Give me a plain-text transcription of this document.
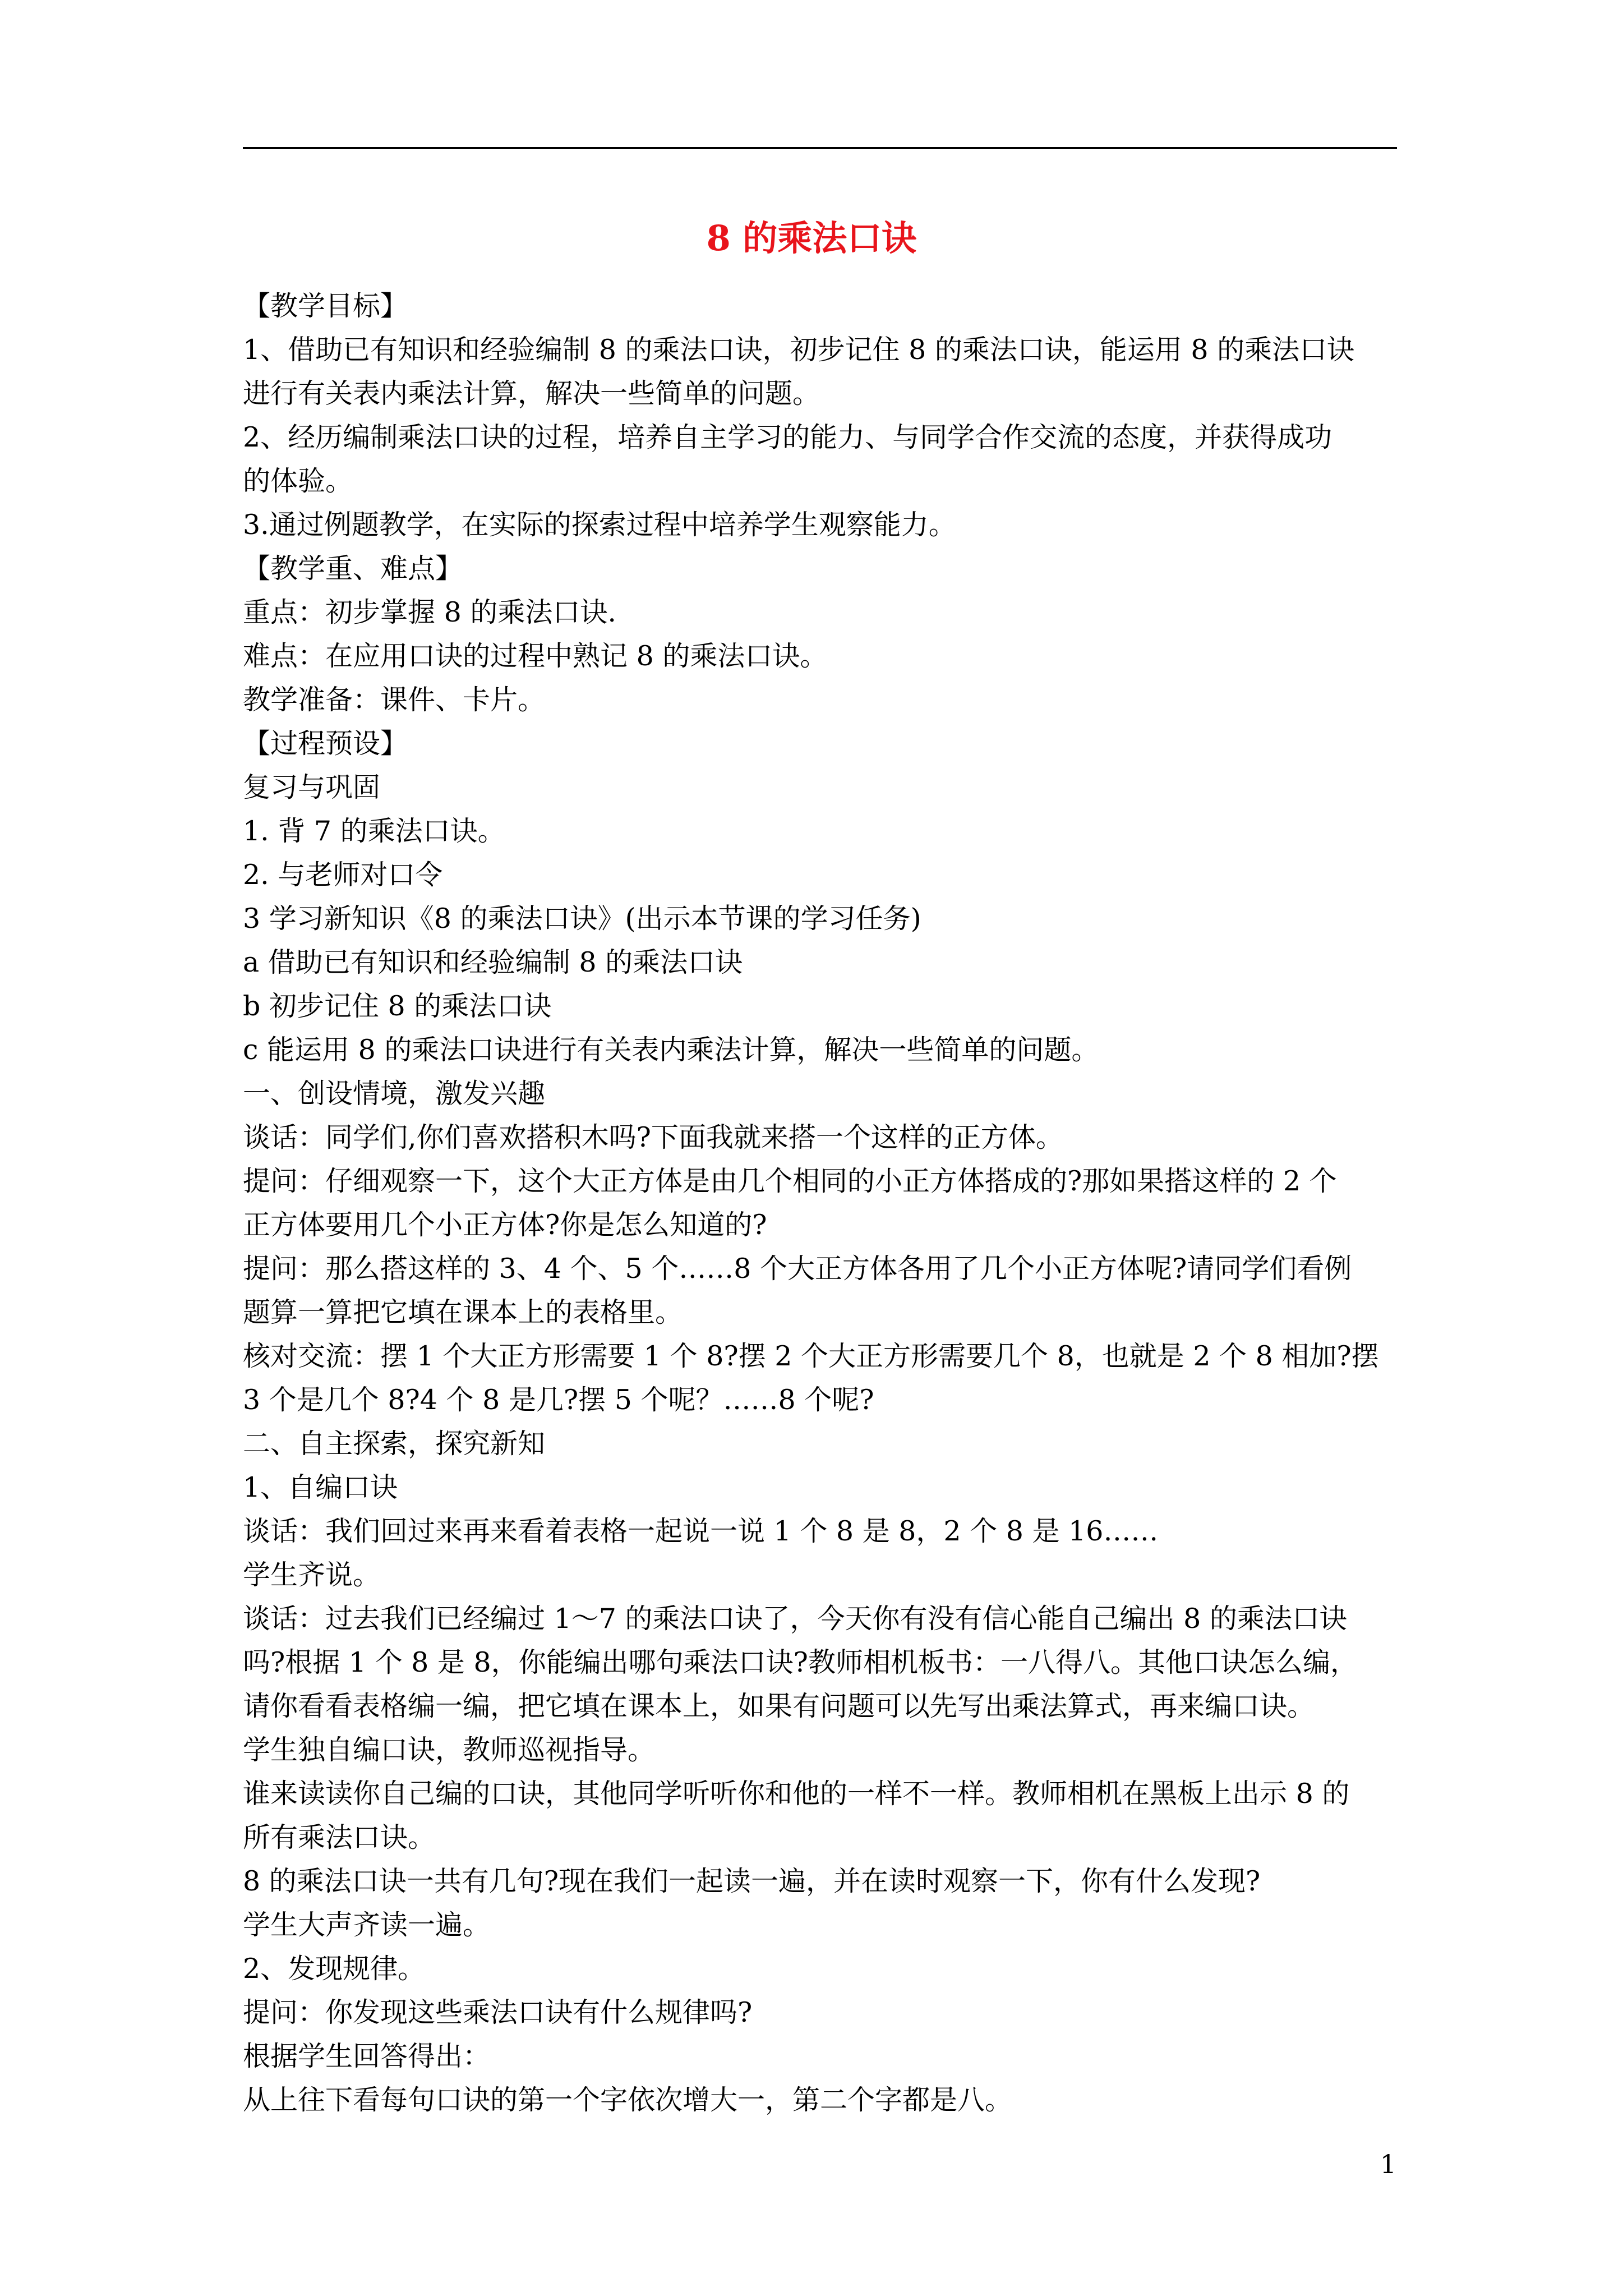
8 的乘法口诀

【教学目标】

1、借助已有知识和经验编制 8 的乘法口诀，初步记住 8 的乘法口诀，能运用 8 的乘法口诀

进行有关表内乘法计算，解决一些简单的问题。

2、经历编制乘法口诀的过程，培养自主学习的能力、与同学合作交流的态度，并获得成功

的体验。

3.通过例题教学，在实际的探索过程中培养学生观察能力。

【教学重、难点】

重点：初步掌握 8 的乘法口诀.

难点：在应用口诀的过程中熟记 8 的乘法口诀。

教学准备：课件、卡片。

【过程预设】

复习与巩固

1. 背 7 的乘法口诀。

2. 与老师对口令

3 学习新知识《8 的乘法口诀》(出示本节课的学习任务)

a 借助已有知识和经验编制 8 的乘法口诀

b 初步记住 8 的乘法口诀

c 能运用 8 的乘法口诀进行有关表内乘法计算，解决一些简单的问题。

一、创设情境，激发兴趣

谈话：同学们,你们喜欢搭积木吗?下面我就来搭一个这样的正方体。

提问：仔细观察一下，这个大正方体是由几个相同的小正方体搭成的?那如果搭这样的 2 个

正方体要用几个小正方体?你是怎么知道的?

提问：那么搭这样的 3、4 个、5 个……8 个大正方体各用了几个小正方体呢?请同学们看例

题算一算把它填在课本上的表格里。

核对交流：摆 1 个大正方形需要 1 个 8?摆 2 个大正方形需要几个 8，也就是 2 个 8 相加?摆

3 个是几个 8?4 个 8 是几?摆 5 个呢？……8 个呢?

二、自主探索，探究新知

1、自编口诀

谈话：我们回过来再来看着表格一起说一说 1 个 8 是 8，2 个 8 是 16……

学生齐说。

谈话：过去我们已经编过 1～7 的乘法口诀了，今天你有没有信心能自己编出 8 的乘法口诀

吗?根据 1 个 8 是 8，你能编出哪句乘法口诀?教师相机板书：一八得八。其他口诀怎么编，

请你看看表格编一编，把它填在课本上，如果有问题可以先写出乘法算式，再来编口诀。

学生独自编口诀，教师巡视指导。

谁来读读你自己编的口诀，其他同学听听你和他的一样不一样。教师相机在黑板上出示 8 的

所有乘法口诀。

8 的乘法口诀一共有几句?现在我们一起读一遍，并在读时观察一下，你有什么发现?

学生大声齐读一遍。

2、发现规律。

提问：你发现这些乘法口诀有什么规律吗?

根据学生回答得出：

从上往下看每句口诀的第一个字依次增大一，第二个字都是八。

1
